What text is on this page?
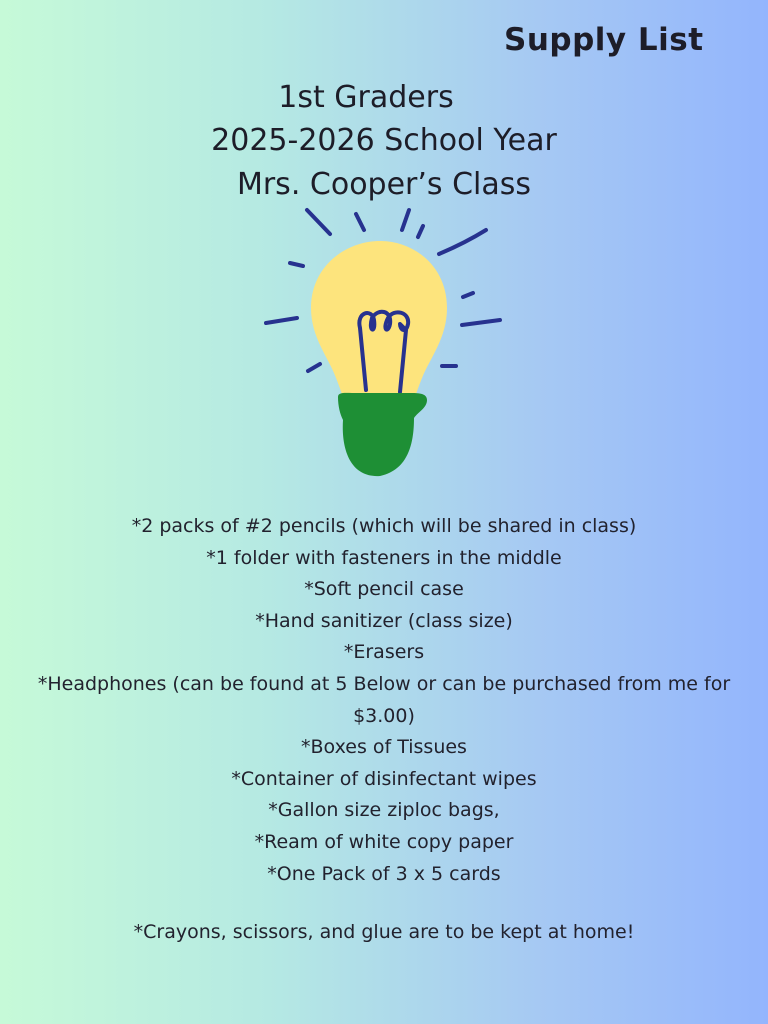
Supply List
1st Graders
2025-2026 School Year
Mrs. Cooper’s Class
*2 packs of #2 pencils (which will be shared in class)
*1 folder with fasteners in the middle
*Soft pencil case
*Hand sanitizer (class size)
*Erasers
*Headphones (can be found at 5 Below or can be purchased from me for
$3.00)
*Boxes of Tissues
*Container of disinfectant wipes
*Gallon size ziploc bags,
*Ream of white copy paper
*One Pack of 3 x 5 cards
*Crayons, scissors, and glue are to be kept at home!
